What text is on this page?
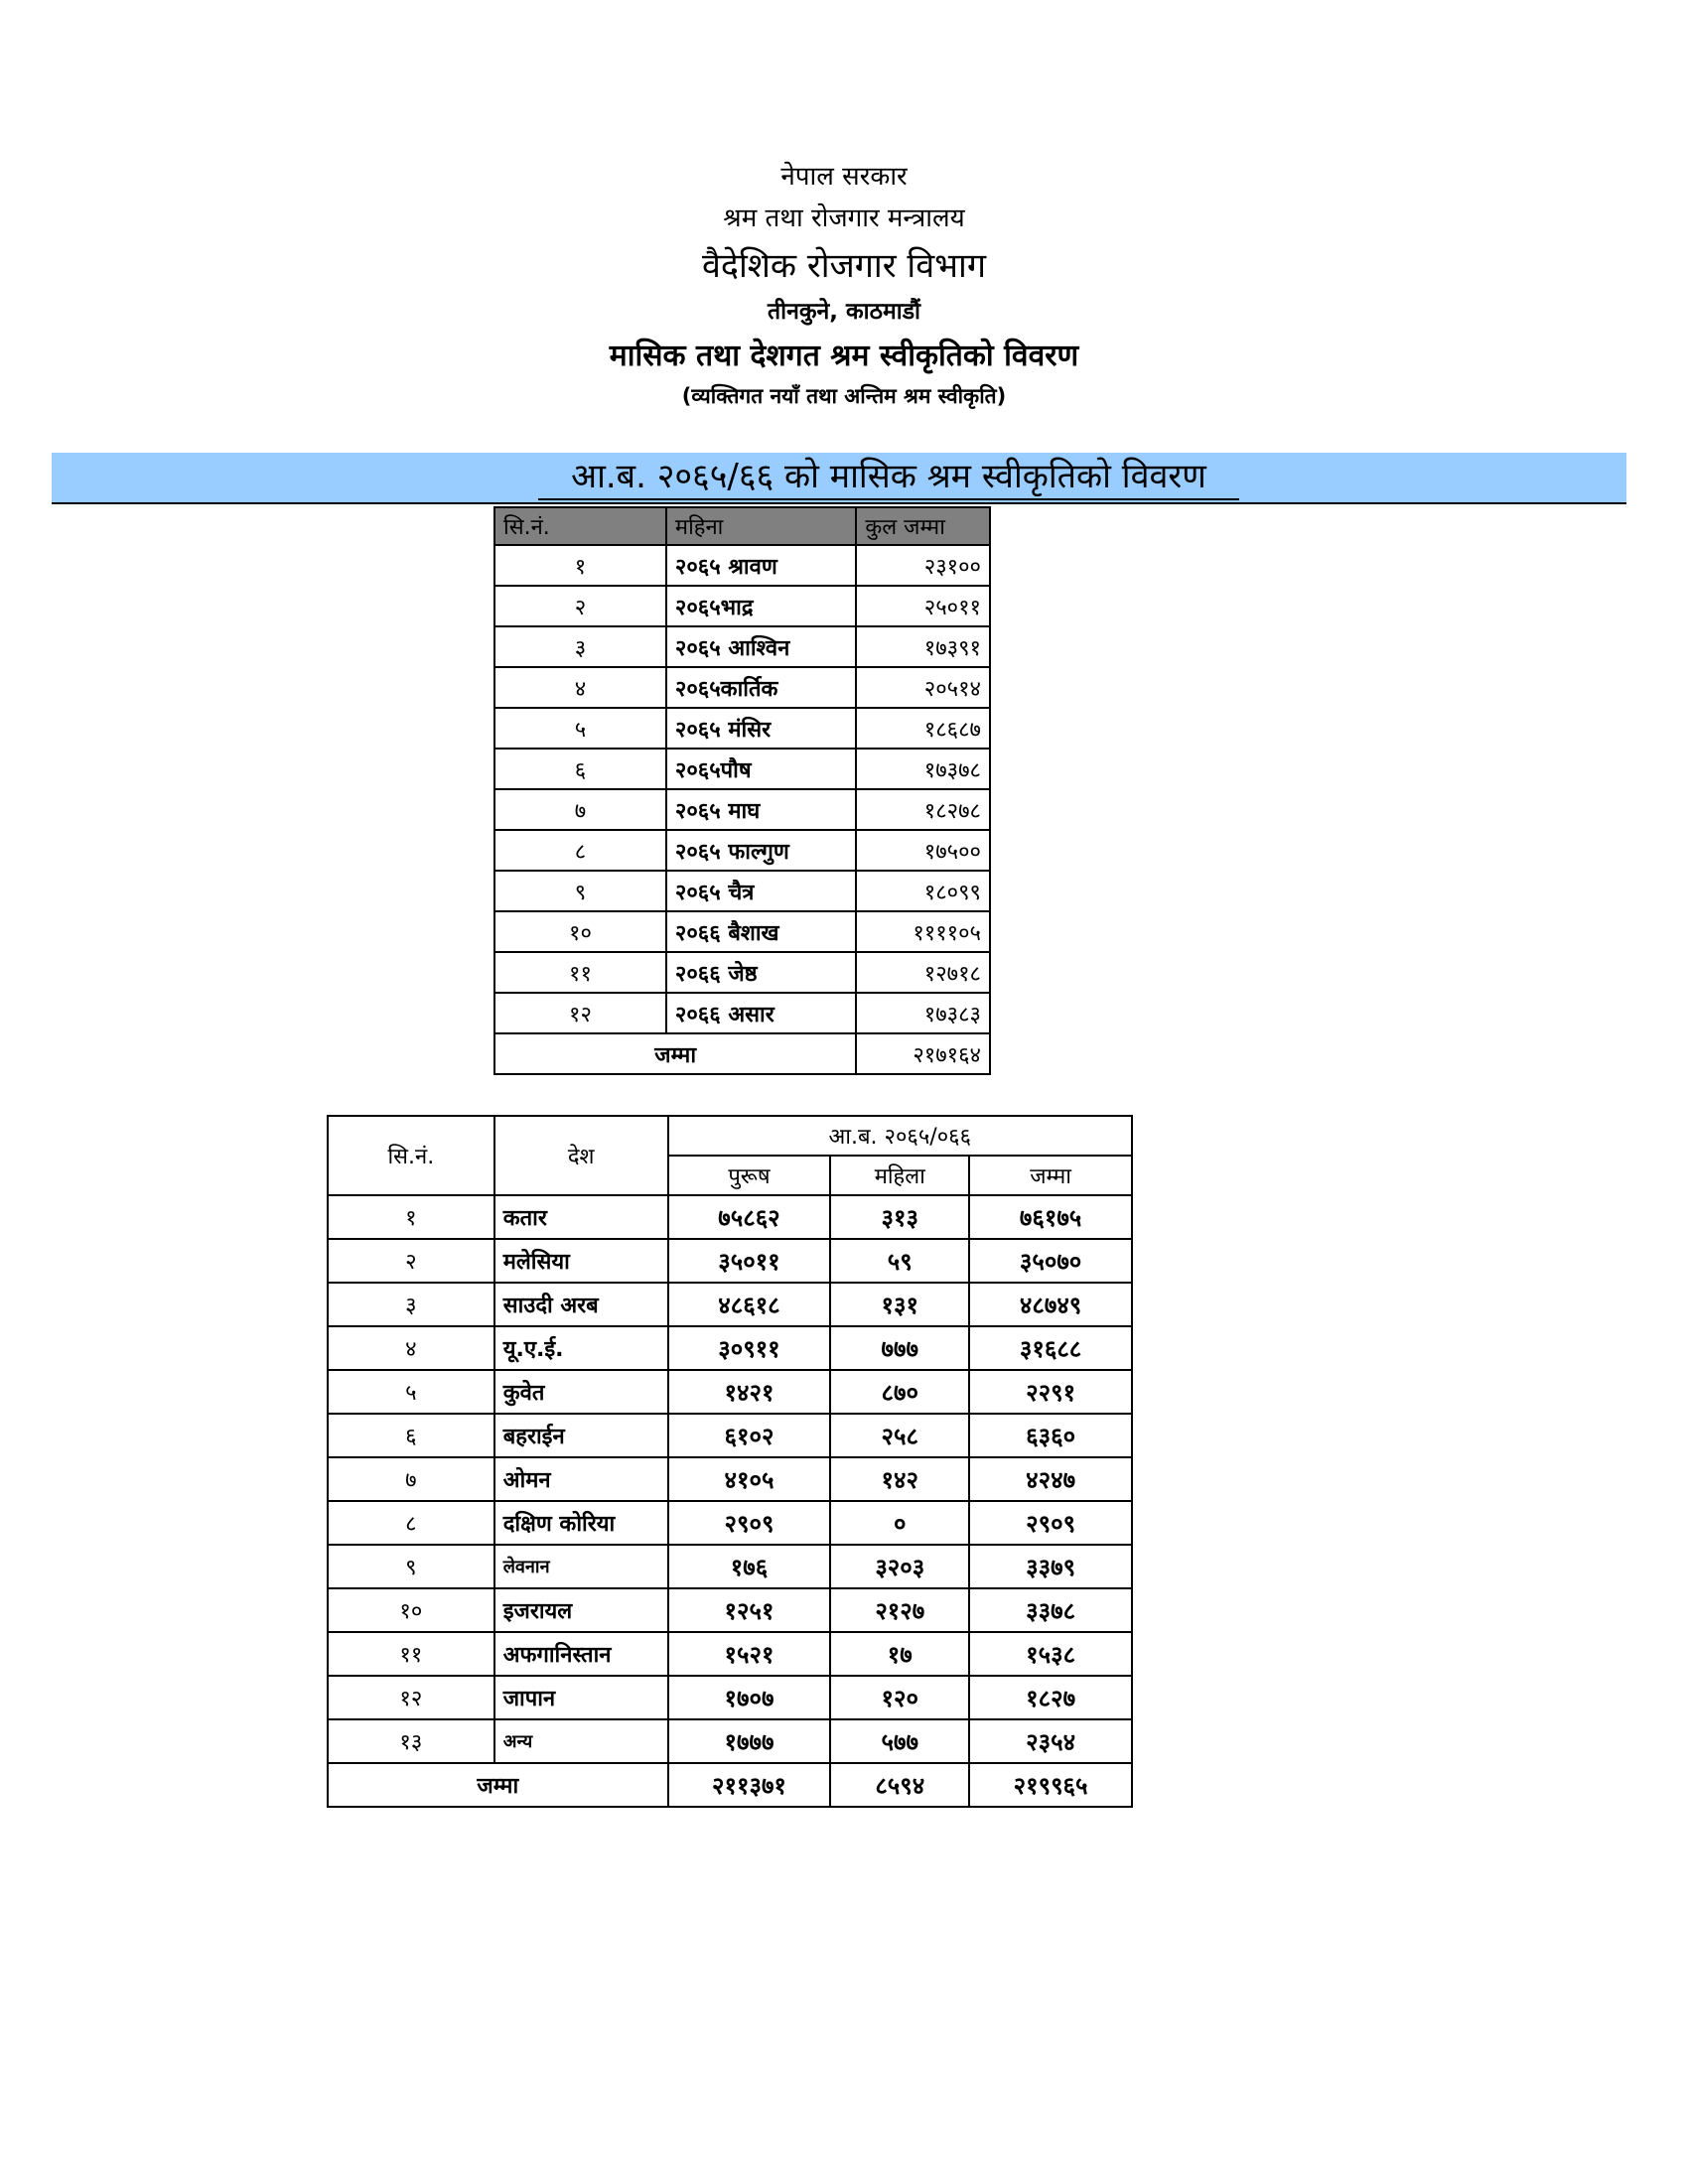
नेपाल सरकार
श्रम तथा रोजगार मन्त्रालय
वैदेशिक रोजगार विभाग
तीनकुने, काठमाडौं
मासिक तथा देशगत श्रम स्वीकृतिको विवरण
(व्यक्तिगत नयाँ तथा अन्तिम श्रम स्वीकृति)
आ.ब. २०६५/६६ को मासिक श्रम स्वीकृतिको विवरण
सि.नं.	महिना	कुल जम्मा
१	२०६५ श्रावण	२३१००
२	२०६५भाद्र	२५०११
३	२०६५ आश्विन	१७३९१
४	२०६५कार्तिक	२०५१४
५	२०६५ मंसिर	१८६८७
६	२०६५पौष	१७३७८
७	२०६५ माघ	१८२७८
८	२०६५ फाल्गुण	१७५००
९	२०६५ चैत्र	१८०९९
१०	२०६६ बैशाख	११११०५
११	२०६६ जेष्ठ	१२७१८
१२	२०६६ असार	१७३८३
जम्मा		२१७१६४
सि.नं.	देश	आ.ब. २०६५/०६६		
		पुरूष	महिला	जम्मा
१	कतार	७५८६२	३१३	७६१७५
२	मलेसिया	३५०११	५९	३५०७०
३	साउदी अरब	४८६१८	१३१	४८७४९
४	यू.ए.ई.	३०९११	७७७	३१६८८
५	कुवेत	१४२१	८७०	२२९१
६	बहराईन	६१०२	२५८	६३६०
७	ओमन	४१०५	१४२	४२४७
८	दक्षिण कोरिया	२९०९	०	२९०९
९	लेवनान	१७६	३२०३	३३७९
१०	इजरायल	१२५१	२१२७	३३७८
११	अफगानिस्तान	१५२१	१७	१५३८
१२	जापान	१७०७	१२०	१८२७
१३	अन्य	१७७७	५७७	२३५४
जम्मा		२११३७१	८५९४	२१९९६५
